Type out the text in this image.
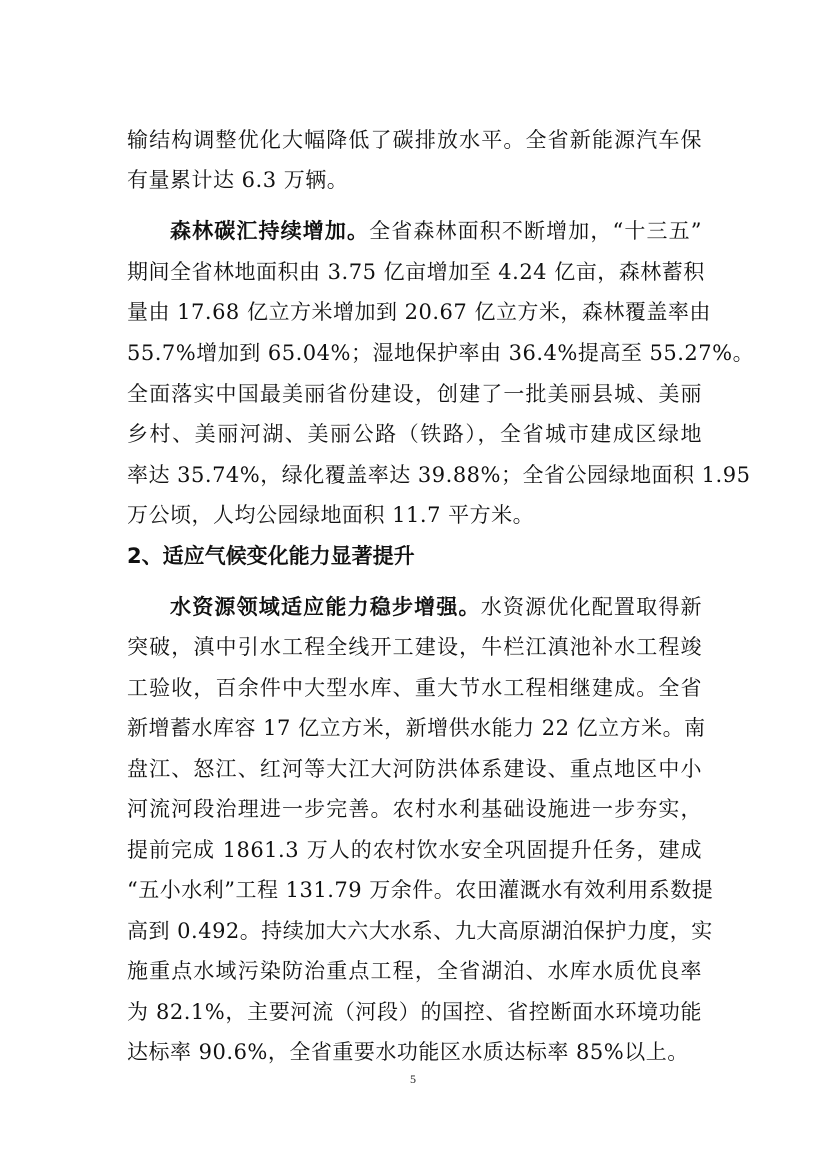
输结构调整优化大幅降低了碳排放水平。全省新能源汽车保
有量累计达 6.3 万辆。
森林碳汇持续增加。全省森林面积不断增加，“十三五”
期间全省林地面积由 3.75 亿亩增加至 4.24 亿亩，森林蓄积
量由 17.68 亿立方米增加到 20.67 亿立方米，森林覆盖率由
55.7%增加到 65.04%；湿地保护率由 36.4%提高至 55.27%。
全面落实中国最美丽省份建设，创建了一批美丽县城、美丽
乡村、美丽河湖、美丽公路（铁路），全省城市建成区绿地
率达 35.74%，绿化覆盖率达 39.88%；全省公园绿地面积 1.95
万公顷，人均公园绿地面积 11.7 平方米。
2、适应气候变化能力显著提升
水资源领域适应能力稳步增强。水资源优化配置取得新
突破，滇中引水工程全线开工建设，牛栏江滇池补水工程竣
工验收，百余件中大型水库、重大节水工程相继建成。全省
新增蓄水库容 17 亿立方米，新增供水能力 22 亿立方米。南
盘江、怒江、红河等大江大河防洪体系建设、重点地区中小
河流河段治理进一步完善。农村水利基础设施进一步夯实，
提前完成 1861.3 万人的农村饮水安全巩固提升任务，建成
“五小水利”工程 131.79 万余件。农田灌溉水有效利用系数提
高到 0.492。持续加大六大水系、九大高原湖泊保护力度，实
施重点水域污染防治重点工程，全省湖泊、水库水质优良率
为 82.1%，主要河流（河段）的国控、省控断面水环境功能
达标率 90.6%，全省重要水功能区水质达标率 85%以上。
5
